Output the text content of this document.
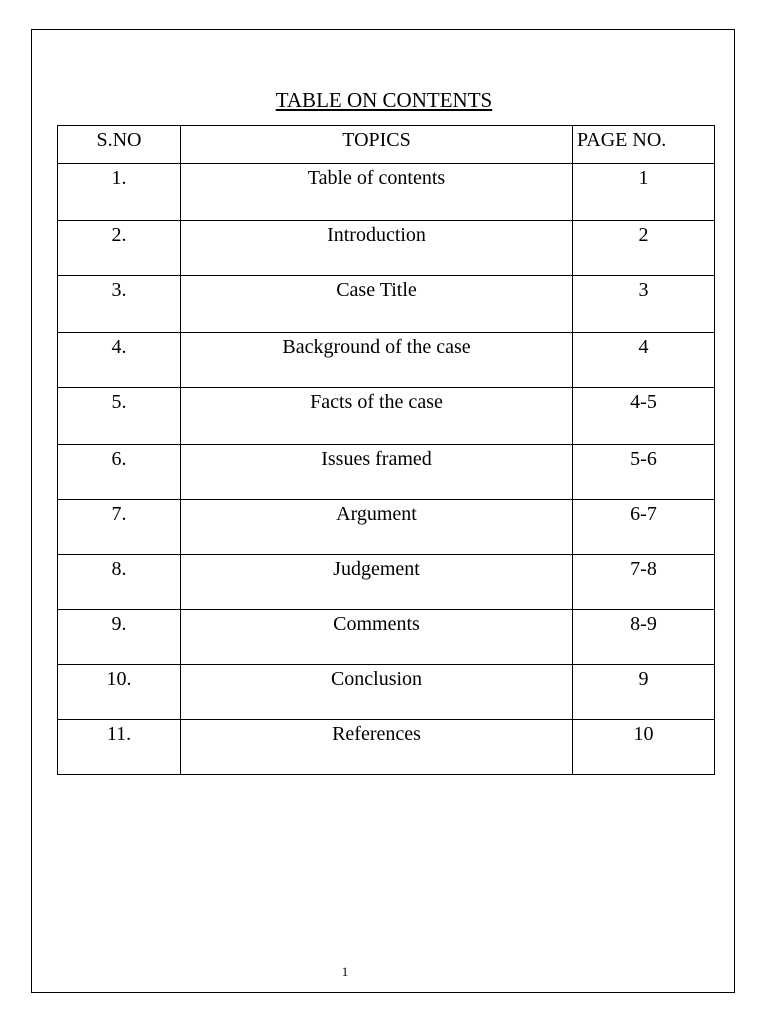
TABLE ON CONTENTS
S.NO	TOPICS	PAGE NO.
1.	Table of contents	1
2.	Introduction	2
3.	Case Title	3
4.	Background of the case	4
5.	Facts of the case	4-5
6.	Issues framed	5-6
7.	Argument	6-7
8.	Judgement	7-8
9.	Comments	8-9
10.	Conclusion	9
11.	References	10
1
